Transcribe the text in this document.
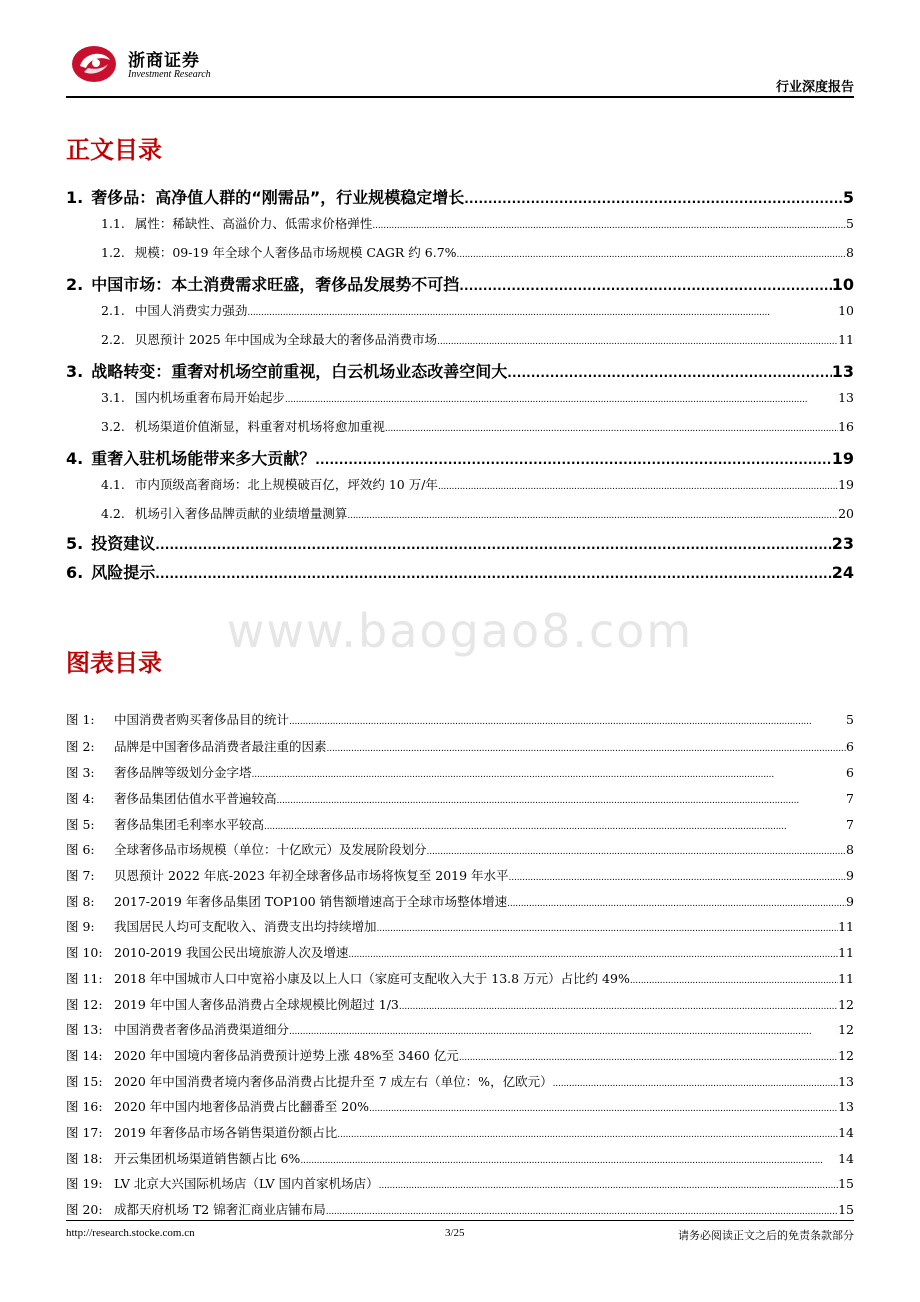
浙商证券
Investment Research
行业深度报告
正文目录
1. 奢侈品：高净值人群的“刚需品”，行业规模稳定增长 . . .	5
1.1. 属性：稀缺性、高溢价力、低需求价格弹性 . . .	5
1.2. 规模：09-19 年全球个人奢侈品市场规模 CAGR 约 6.7% . . .	8
2. 中国市场：本土消费需求旺盛，奢侈品发展势不可挡 . . .	10
2.1. 中国人消费实力强劲 . . .	10
2.2. 贝恩预计 2025 年中国成为全球最大的奢侈品消费市场 . . .	11
3. 战略转变：重奢对机场空前重视，白云机场业态改善空间大 . . .	13
3.1. 国内机场重奢布局开始起步 . . .	13
3.2. 机场渠道价值渐显，料重奢对机场将愈加重视 . . .	16
4. 重奢入驻机场能带来多大贡献？ . . .	19
4.1. 市内顶级高奢商场：北上规模破百亿，坪效约 10 万/年 . . .	19
4.2. 机场引入奢侈品牌贡献的业绩增量测算 . . .	20
5. 投资建议 . . .	23
6. 风险提示 . . .	24
www.baogao8.com
图表目录
图 1:	中国消费者购买奢侈品目的统计 . . .	5
图 2:	品牌是中国奢侈品消费者最注重的因素 . . .	6
图 3:	奢侈品牌等级划分金字塔 . . .	6
图 4:	奢侈品集团估值水平普遍较高 . . .	7
图 5:	奢侈品集团毛利率水平较高 . . .	7
图 6:	全球奢侈品市场规模（单位：十亿欧元）及发展阶段划分 . . .	8
图 7:	贝恩预计 2022 年底-2023 年初全球奢侈品市场将恢复至 2019 年水平 . . .	9
图 8:	2017-2019 年奢侈品集团 TOP100 销售额增速高于全球市场整体增速 . . .	9
图 9:	我国居民人均可支配收入、消费支出均持续增加 . . .	11
图 10: 2010-2019 我国公民出境旅游人次及增速 . . .	11
图 11: 2018 年中国城市人口中宽裕小康及以上人口（家庭可支配收入大于 13.8 万元）占比约 49% . . .	11
图 12: 2019 年中国人奢侈品消费占全球规模比例超过 1/3 . . .	12
图 13: 中国消费者奢侈品消费渠道细分 . . .	12
图 14: 2020 年中国境内奢侈品消费预计逆势上涨 48%至 3460 亿元 . . .	12
图 15: 2020 年中国消费者境内奢侈品消费占比提升至 7 成左右（单位：%，亿欧元） . . .	13
图 16: 2020 年中国内地奢侈品消费占比翻番至 20% . . .	13
图 17: 2019 年奢侈品市场各销售渠道份额占比 . . .	14
图 18: 开云集团机场渠道销售额占比 6% . . .	14
图 19: LV 北京大兴国际机场店（LV 国内首家机场店） . . .	15
图 20: 成都天府机场 T2 锦奢汇商业店铺布局 . . .	15
http://research.stocke.com.cn	3/25	请务必阅读正文之后的免责条款部分
